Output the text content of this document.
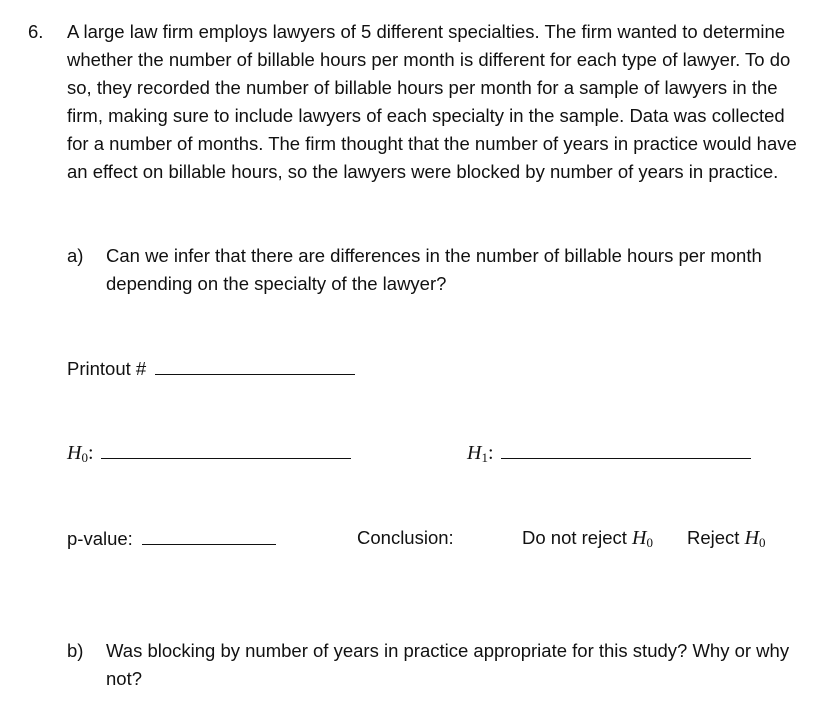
6. A large law firm employs lawyers of 5 different specialties. The firm wanted to determine whether the number of billable hours per month is different for each type of lawyer. To do so, they recorded the number of billable hours per month for a sample of lawyers in the firm, making sure to include lawyers of each specialty in the sample. Data was collected for a number of months. The firm thought that the number of years in practice would have an effect on billable hours, so the lawyers were blocked by number of years in practice.
a) Can we infer that there are differences in the number of billable hours per month depending on the specialty of the lawyer?
Printout #
$H_0$:	$H_1$:
p-value:	Conclusion:	Do not reject $H_0$ Reject $H_0$
b) Was blocking by number of years in practice appropriate for this study? Why or why not?
